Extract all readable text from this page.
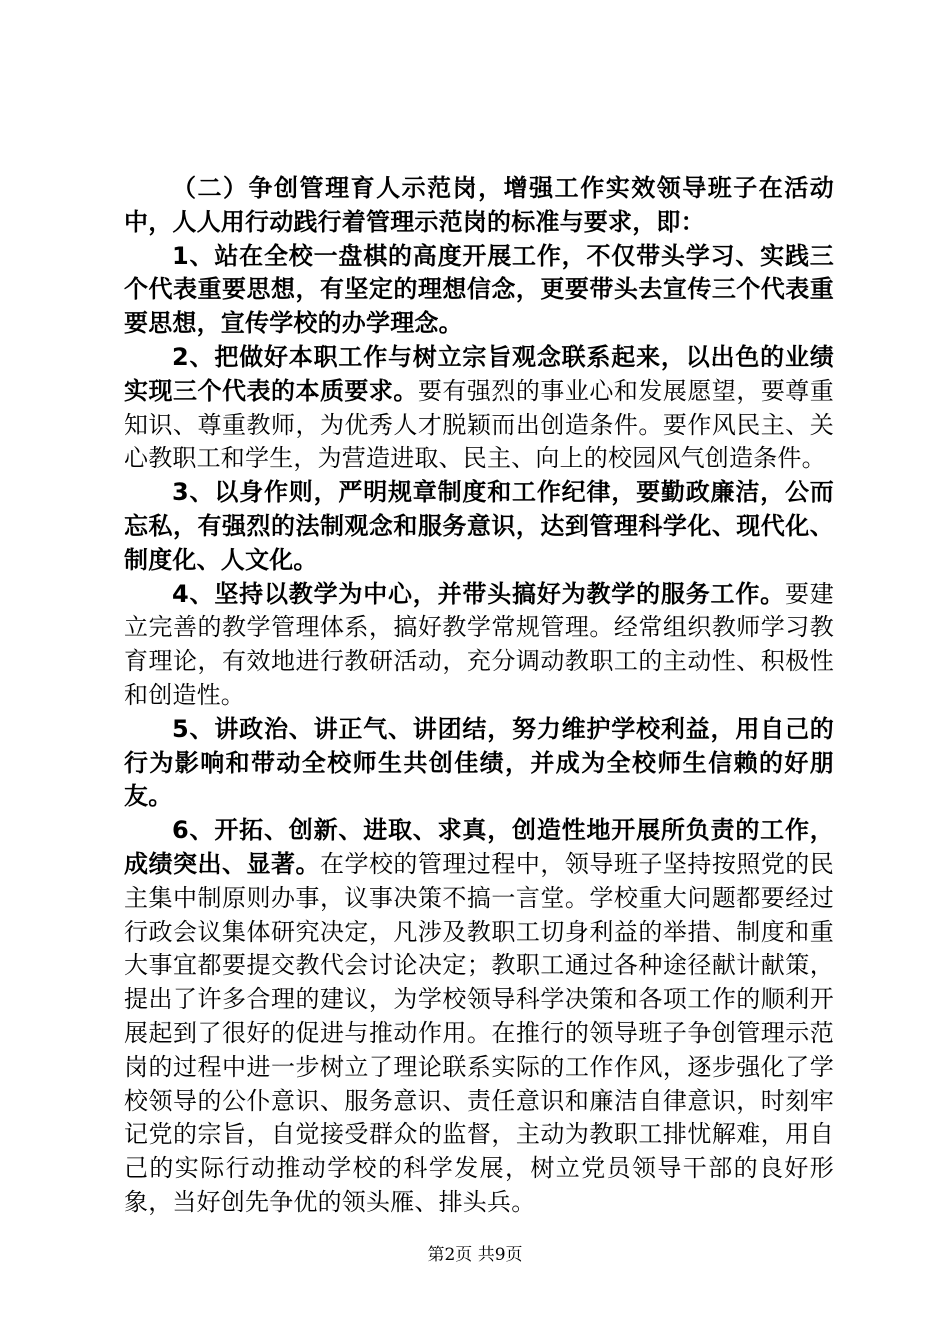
（二）争创管理育人示范岗，增强工作实效领导班子在活动中，人人用行动践行着管理示范岗的标准与要求，即：

1、站在全校一盘棋的高度开展工作，不仅带头学习、实践三个代表重要思想，有坚定的理想信念，更要带头去宣传三个代表重要思想，宣传学校的办学理念。

2、把做好本职工作与树立宗旨观念联系起来，以出色的业绩实现三个代表的本质要求。要有强烈的事业心和发展愿望，要尊重知识、尊重教师，为优秀人才脱颖而出创造条件。要作风民主、关心教职工和学生，为营造进取、民主、向上的校园风气创造条件。

3、以身作则，严明规章制度和工作纪律，要勤政廉洁，公而忘私，有强烈的法制观念和服务意识，达到管理科学化、现代化、制度化、人文化。

4、坚持以教学为中心，并带头搞好为教学的服务工作。要建立完善的教学管理体系，搞好教学常规管理。经常组织教师学习教育理论，有效地进行教研活动，充分调动教职工的主动性、积极性和创造性。

5、讲政治、讲正气、讲团结，努力维护学校利益，用自己的行为影响和带动全校师生共创佳绩，并成为全校师生信赖的好朋友。

6、开拓、创新、进取、求真，创造性地开展所负责的工作，成绩突出、显著。在学校的管理过程中，领导班子坚持按照党的民主集中制原则办事，议事决策不搞一言堂。学校重大问题都要经过行政会议集体研究决定，凡涉及教职工切身利益的举措、制度和重大事宜都要提交教代会讨论决定；教职工通过各种途径献计献策，提出了许多合理的建议，为学校领导科学决策和各项工作的顺利开展起到了很好的促进与推动作用。在推行的领导班子争创管理示范岗的过程中进一步树立了理论联系实际的工作作风，逐步强化了学校领导的公仆意识、服务意识、责任意识和廉洁自律意识，时刻牢记党的宗旨，自觉接受群众的监督，主动为教职工排忧解难，用自己的实际行动推动学校的科学发展，树立党员领导干部的良好形象，当好创先争优的领头雁、排头兵。

第2页 共9页
